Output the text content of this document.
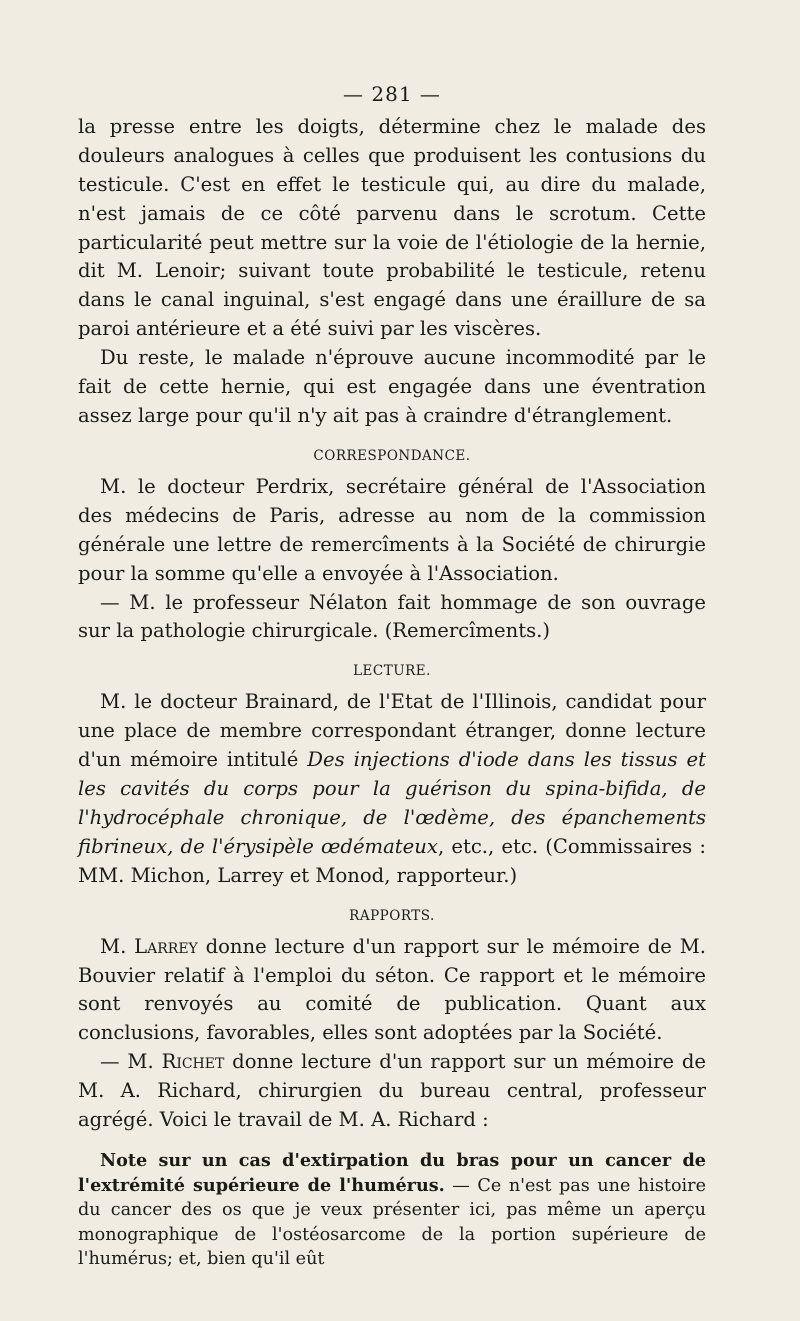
— 281 —

la presse entre les doigts, détermine chez le malade des douleurs analogues à celles que produisent les contusions du testicule. C'est en effet le testicule qui, au dire du malade, n'est jamais de ce côté parvenu dans le scrotum. Cette particularité peut mettre sur la voie de l'étiologie de la hernie, dit M. Lenoir; suivant toute probabilité le testicule, retenu dans le canal inguinal, s'est engagé dans une éraillure de sa paroi antérieure et a été suivi par les viscères.

Du reste, le malade n'éprouve aucune incommodité par le fait de cette hernie, qui est engagée dans une éventration assez large pour qu'il n'y ait pas à craindre d'étranglement.

CORRESPONDANCE.

M. le docteur Perdrix, secrétaire général de l'Association des médecins de Paris, adresse au nom de la commission générale une lettre de remercîments à la Société de chirurgie pour la somme qu'elle a envoyée à l'Association.

— M. le professeur Nélaton fait hommage de son ouvrage sur la pathologie chirurgicale. (Remercîments.)

LECTURE.

M. le docteur Brainard, de l'Etat de l'Illinois, candidat pour une place de membre correspondant étranger, donne lecture d'un mémoire intitulé Des injections d'iode dans les tissus et les cavités du corps pour la guérison du spina-bifida, de l'hydrocéphale chronique, de l'œdème, des épanchements fibrineux, de l'érysipèle œdémateux, etc., etc. (Commissaires : MM. Michon, Larrey et Monod, rapporteur.)

RAPPORTS.

M. Larrey donne lecture d'un rapport sur le mémoire de M. Bouvier relatif à l'emploi du séton. Ce rapport et le mémoire sont renvoyés au comité de publication. Quant aux conclusions, favorables, elles sont adoptées par la Société.

— M. Richet donne lecture d'un rapport sur un mémoire de M. A. Richard, chirurgien du bureau central, professeur agrégé. Voici le travail de M. A. Richard :

Note sur un cas d'extirpation du bras pour un cancer de l'extrémité supérieure de l'humérus. — Ce n'est pas une histoire du cancer des os que je veux présenter ici, pas même un aperçu monographique de l'ostéosarcome de la portion supérieure de l'humérus; et, bien qu'il eût
